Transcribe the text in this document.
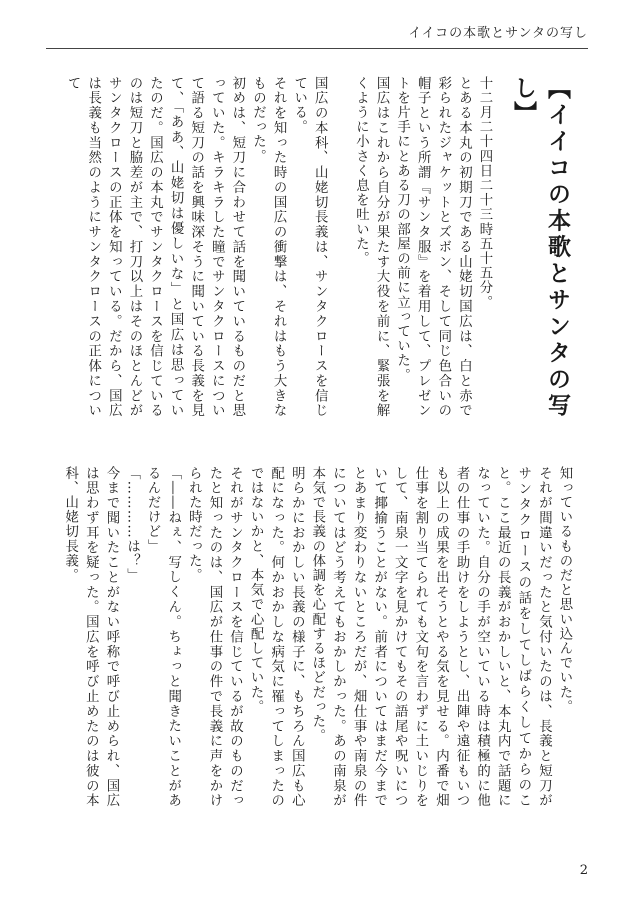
イイコの本歌とサンタの写し
【イイコの本歌とサンタの写し】

十二月二十四日二十三時五十五分。

とある本丸の初期刀である山姥切国広は、白と赤で彩られたジャケットとズボン、そして同じ色合いの帽子という所謂『サンタ服』を着用して、プレゼントを片手にとある刀の部屋の前に立っていた。

国広はこれから自分が果たす大役を前に、緊張を解くように小さく息を吐いた。

国広の本科、山姥切長義は、サンタクロースを信じている。

それを知った時の国広の衝撃は、それはもう大きなものだった。

初めは、短刀に合わせて話を聞いているものだと思っていた。キラキラした瞳でサンタクロースについて語る短刀の話を興味深そうに聞いている長義を見て、「ああ、山姥切は優しいな」と国広は思っていたのだ。国広の本丸でサンタクロースを信じているのは短刀と脇差が主で、打刀以上はそのほとんどがサンタクロースの正体を知っている。だから、国広は長義も当然のようにサンタクロースの正体について

知っているものだと思い込んでいた。

それが間違いだったと気付いたのは、長義と短刀がサンタクロースの話をしてしばらくしてからのこと。ここ最近の長義がおかしいと、本丸内で話題になっていた。自分の手が空いている時は積極的に他者の仕事の手助けをしようとし、出陣や遠征もいつも以上の成果を出そうとやる気を見せる。内番で畑仕事を割り当てられても文句を言わずに土いじりをして、南泉一文字を見かけてもその語尾や呪いについて揶揄うことがない。前者についてはまだ今までとあまり変わりないところだが、畑仕事や南泉の件についてはどう考えてもおかしかった。あの南泉が本気で長義の体調を心配するほどだった。

明らかにおかしい長義の様子に、もちろん国広も心配になった。何かおかしな病気に罹ってしまったのではないかと、本気で心配していた。

それがサンタクロースを信じているが故のものだったと知ったのは、国広が仕事の件で長義に声をかけられた時だった。

「――ねぇ、写しくん。ちょっと聞きたいことがあるんだけど」

「…………は？」

今まで聞いたことがない呼称で呼び止められ、国広は思わず耳を疑った。国広を呼び止めたのは彼の本科、山姥切長義。

2
